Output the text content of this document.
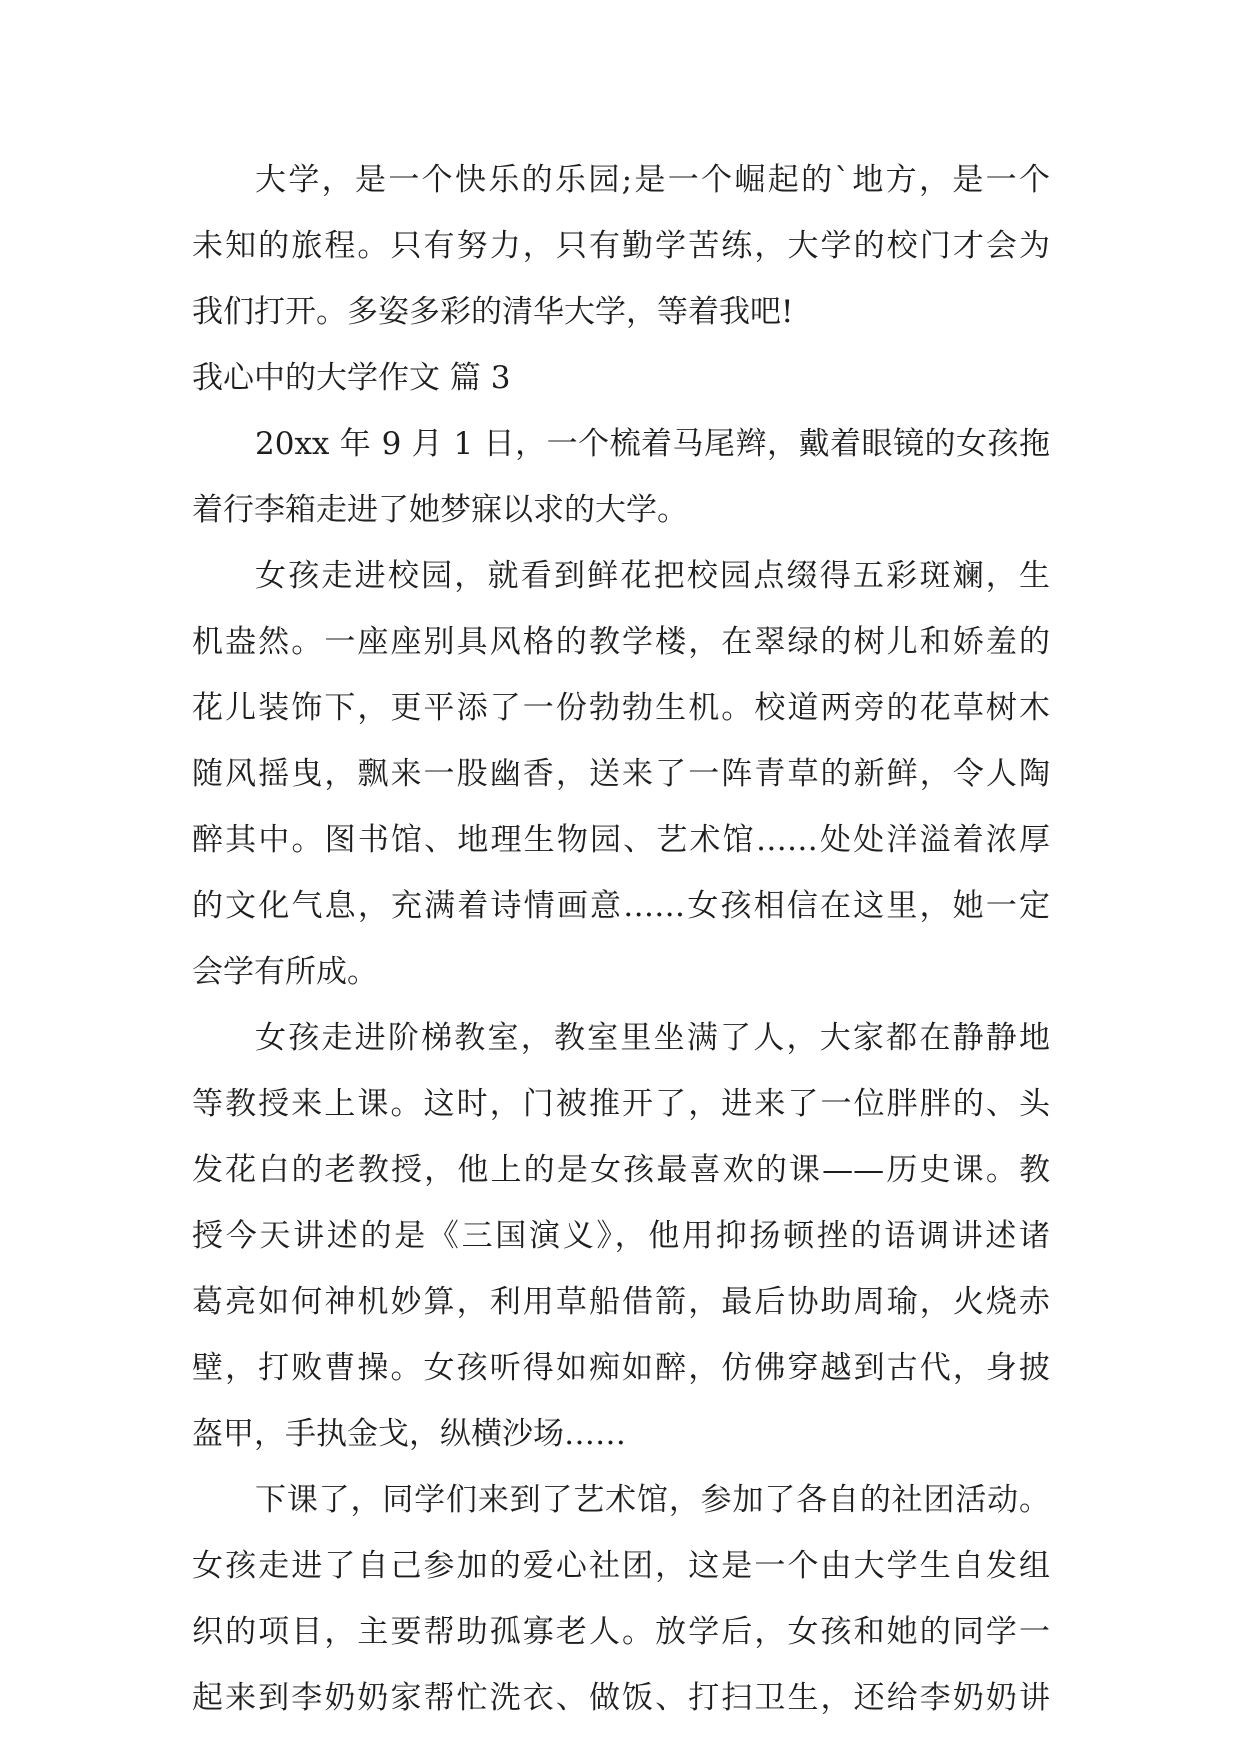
大学，是一个快乐的乐园;是一个崛起的`地方，是一个
未知的旅程。只有努力，只有勤学苦练，大学的校门才会为
我们打开。多姿多彩的清华大学，等着我吧!
我心中的大学作文 篇 3
20xx 年 9 月 1 日，一个梳着马尾辫，戴着眼镜的女孩拖
着行李箱走进了她梦寐以求的大学。
女孩走进校园，就看到鲜花把校园点缀得五彩斑斓，生
机盎然。一座座别具风格的教学楼，在翠绿的树儿和娇羞的
花儿装饰下，更平添了一份勃勃生机。校道两旁的花草树木
随风摇曳，飘来一股幽香，送来了一阵青草的新鲜，令人陶
醉其中。图书馆、地理生物园、艺术馆……处处洋溢着浓厚
的文化气息，充满着诗情画意……女孩相信在这里，她一定
会学有所成。
女孩走进阶梯教室，教室里坐满了人，大家都在静静地
等教授来上课。这时，门被推开了，进来了一位胖胖的、头
发花白的老教授，他上的是女孩最喜欢的课——历史课。教
授今天讲述的是《三国演义》，他用抑扬顿挫的语调讲述诸
葛亮如何神机妙算，利用草船借箭，最后协助周瑜，火烧赤
壁，打败曹操。女孩听得如痴如醉，仿佛穿越到古代，身披
盔甲，手执金戈，纵横沙场……
下课了，同学们来到了艺术馆，参加了各自的社团活动。
女孩走进了自己参加的爱心社团，这是一个由大学生自发组
织的项目，主要帮助孤寡老人。放学后，女孩和她的同学一
起来到李奶奶家帮忙洗衣、做饭、打扫卫生，还给李奶奶讲
